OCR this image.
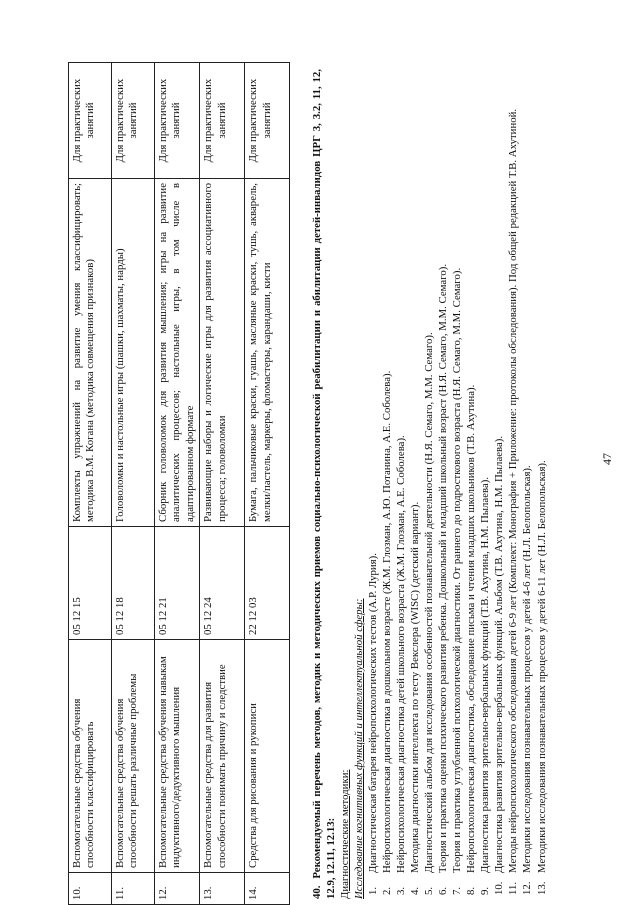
47
10.	Вспомогательные средства обучения способности классифицировать	05 12 15	Комплекты упражнений на развитие умения классифицировать; методика В.М. Когана (методика совмещения признаков)	Для практических занятий
11.	Вспомогательные средства обучения способности решать различные проблемы	05 12 18	Головоломки и настольные игры (шашки, шахматы, нарды)	Для практических занятий
12.	Вспомогательные средства обучения навыкам индуктивного/дедуктивного мышления	05 12 21	Сборник головоломок для развития мышления; игры на развитие аналитических процессов; настольные игры, в том числе в адаптированном формате	Для практических занятий
13.	Вспомогательные средства для развития способности понимать причину и следствие	05 12 24	Развивающие наборы и логические игры для развития ассоциативного процесса; головоломки	Для практических занятий
14.	Средства для рисования и рукописи	22 12 03	Бумага, пальчиковые краски, гуашь, масляные краски, тушь, акварель, мелки/пастель, маркеры, фломастеры, карандаши, кисти	Для практических занятий
40. Рекомендуемый перечень методов, методик и методических приемов социально-психологической реабилитации и абилитации детей-инвалидов ЦРГ 3, 3.2, 11, 12, 12.9, 12.11, 12.13: Диагностические методики: Исследование когнитивных функций и интеллектуальной сферы: 1.
Диагностическая батарея нейропсихологических тестов (А.Р. Лурия).
2.
Нейропсихологическая диагностика в дошкольном возрасте (Ж.М. Глозман, А.Ю. Потанина, А.Е. Соболева).
3.
Нейропсихологическая диагностика детей школьного возраста (Ж.М. Глозман, А.Е. Соболева).
4.
Методика диагностики интеллекта по тесту Векслера (WISC) (детский вариант).
5.
Диагностический альбом для исследования особенностей познавательной деятельности (Н.Я. Семаго, М.М. Семаго).
6.
Теория и практика оценки психического развития ребенка. Дошкольный и младший школьный возраст (Н.Я. Семаго, М.М. Семаго).
7.
Теория и практика углубленной психологической диагностики. От раннего до подросткового возраста (Н.Я. Семаго, М.М. Семаго).
8.
Нейропсихологическая диагностика, обследование письма и чтения младших школьников (Т.В. Ахутина).
9.
Диагностика развития зрительно-вербальных функций (Т.В. Ахутина, Н.М. Пылаева).
10.
Диагностика развития зрительно-вербальных функций. Альбом (Т.В. Ахутина, Н.М. Пылаева).
11.
Методы нейропсихологического обследования детей 6-9 лет (Комплект: Монография + Приложение: протоколы обследования). Под общей редакцией Т.В. Ахутиной.
12.
Методики исследования познавательных процессов у детей 4-6 лет (Н.Л. Белопольская).
13.
Методики исследования познавательных процессов у детей 6-11 лет (Н.Л. Белопольская).
